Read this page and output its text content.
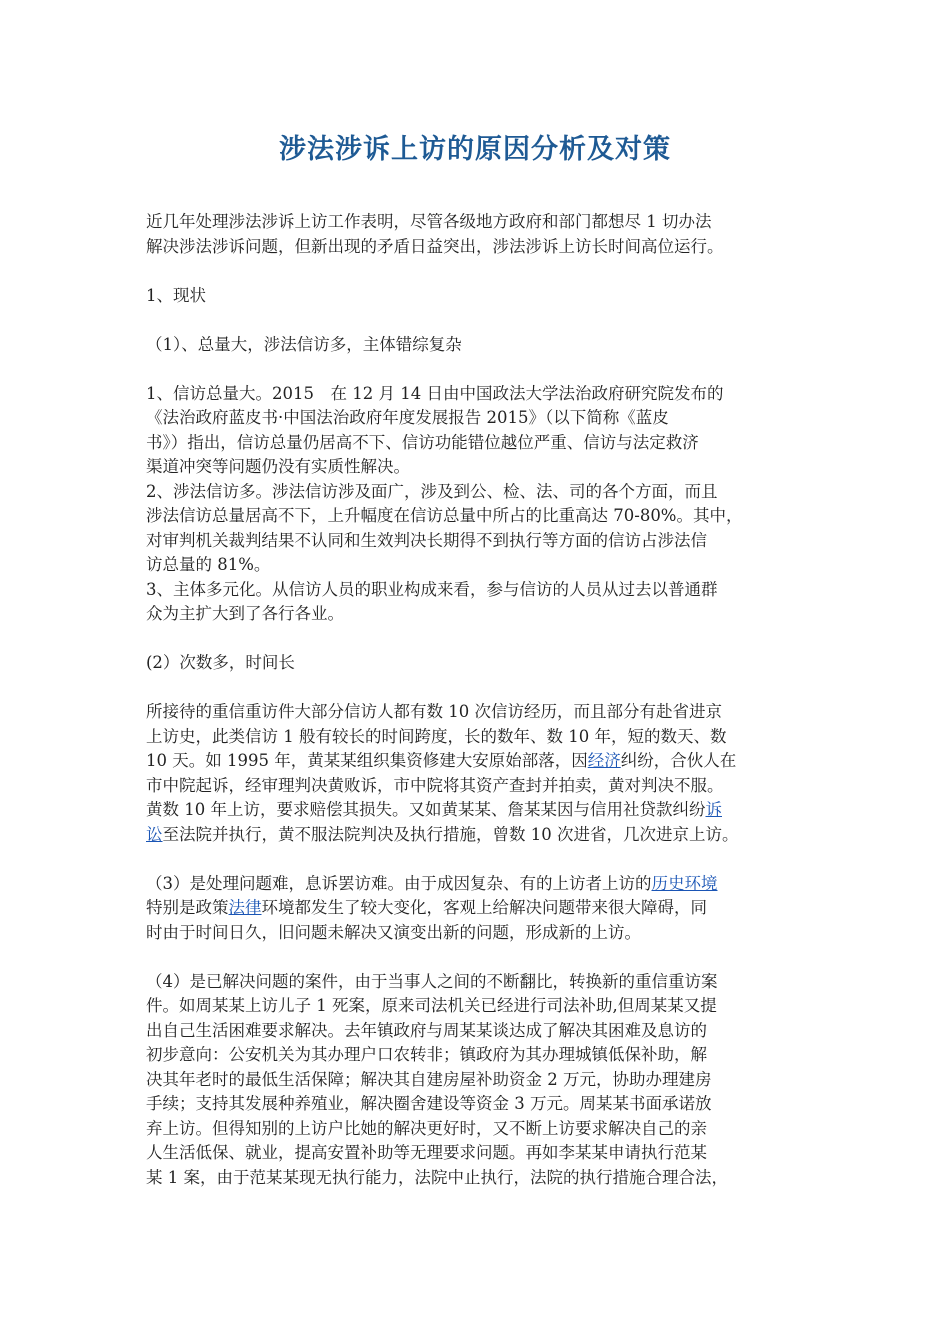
涉法涉诉上访的原因分析及对策

近几年处理涉法涉诉上访工作表明，尽管各级地方政府和部门都想尽 1 切办法
解决涉法涉诉问题，但新出现的矛盾日益突出，涉法涉诉上访长时间高位运行。

1、现状

（1）、总量大，涉法信访多，主体错综复杂

1、信访总量大。2015　在 12 月 14 日由中国政法大学法治政府研究院发布的
《法治政府蓝皮书·中国法治政府年度发展报告 2015》（以下简称《蓝皮
书》）指出，信访总量仍居高不下、信访功能错位越位严重、信访与法定救济
渠道冲突等问题仍没有实质性解决。

2、涉法信访多。涉法信访涉及面广，涉及到公、检、法、司的各个方面，而且
涉法信访总量居高不下，上升幅度在信访总量中所占的比重高达 70-80%。其中，
对审判机关裁判结果不认同和生效判决长期得不到执行等方面的信访占涉法信
访总量的 81%。

3、主体多元化。从信访人员的职业构成来看，参与信访的人员从过去以普通群
众为主扩大到了各行各业。

(2）次数多，时间长

所接待的重信重访件大部分信访人都有数 10 次信访经历，而且部分有赴省进京
上访史，此类信访 1 般有较长的时间跨度，长的数年、数 10 年，短的数天、数
10 天。如 1995 年，黄某某组织集资修建大安原始部落，因经济纠纷，合伙人在
市中院起诉，经审理判决黄败诉，市中院将其资产查封并拍卖，黄对判决不服。
黄数 10 年上访，要求赔偿其损失。又如黄某某、詹某某因与信用社贷款纠纷诉
讼至法院并执行，黄不服法院判决及执行措施，曾数 10 次进省，几次进京上访。

（3）是处理问题难，息诉罢访难。由于成因复杂、有的上访者上访的历史环境
特别是政策法律环境都发生了较大变化，客观上给解决问题带来很大障碍，同
时由于时间日久，旧问题未解决又演变出新的问题，形成新的上访。

（4）是已解决问题的案件，由于当事人之间的不断翻比，转换新的重信重访案
件。如周某某上访儿子 1 死案，原来司法机关已经进行司法补助,但周某某又提
出自己生活困难要求解决。去年镇政府与周某某谈达成了解决其困难及息访的
初步意向：公安机关为其办理户口农转非；镇政府为其办理城镇低保补助，解
决其年老时的最低生活保障；解决其自建房屋补助资金 2 万元，协助办理建房
手续；支持其发展种养殖业，解决圈舍建设等资金 3 万元。周某某书面承诺放
弃上访。但得知别的上访户比她的解决更好时，又不断上访要求解决自己的亲
人生活低保、就业，提高安置补助等无理要求问题。再如李某某申请执行范某
某 1 案，由于范某某现无执行能力，法院中止执行，法院的执行措施合理合法，
